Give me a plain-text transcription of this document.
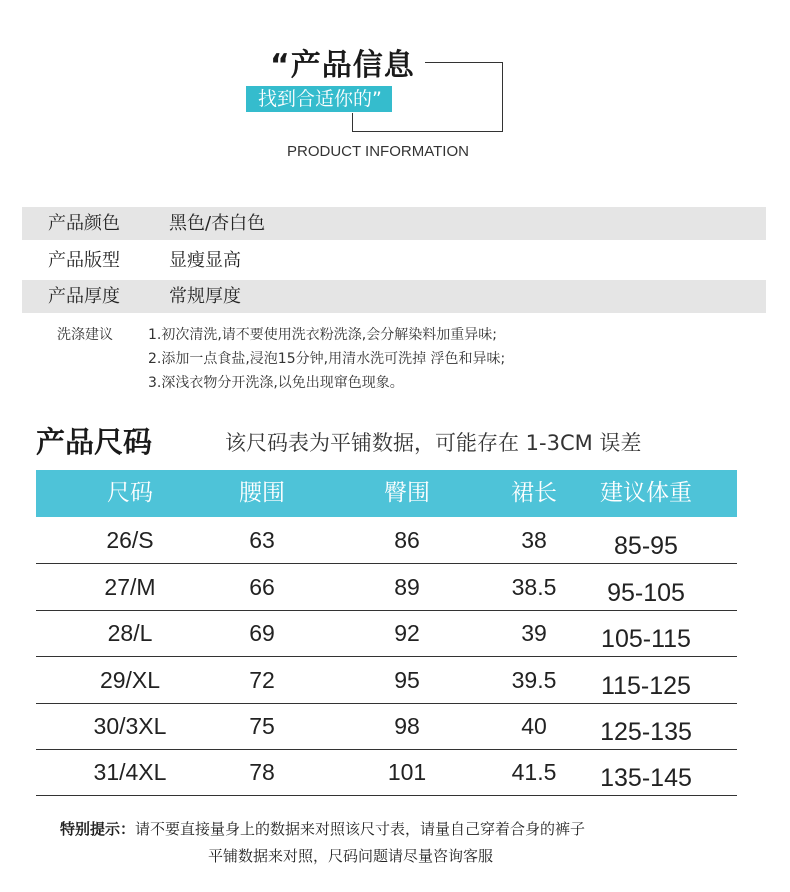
“产品信息
找到合适你的”
PRODUCT INFORMATION
产品颜色	黑色/杏白色
产品版型	显瘦显高
产品厚度	常规厚度
洗涤建议	1.初次清洗,请不要使用洗衣粉洗涤,会分解染料加重异味;
2.添加一点食盐,浸泡15分钟,用清水洗可洗掉 浮色和异味;
3.深浅衣物分开洗涤,以免出现窜色现象。
产品尺码	该尺码表为平铺数据，可能存在 1-3CM 误差
尺码	腰围	臀围	裙长 建议体重
26/S	63	86	38	85-95
27/M	66	89	38.5 95-105
28/L	69	92	39 105-115
29/XL	72	95	39.5 115-125
30/3XL	75	98	40 125-135
31/4XL	78	101	41.5 135-145
特别提示：请不要直接量身上的数据来对照该尺寸表，请量自己穿着合身的裤子
平铺数据来对照，尺码问题请尽量咨询客服
